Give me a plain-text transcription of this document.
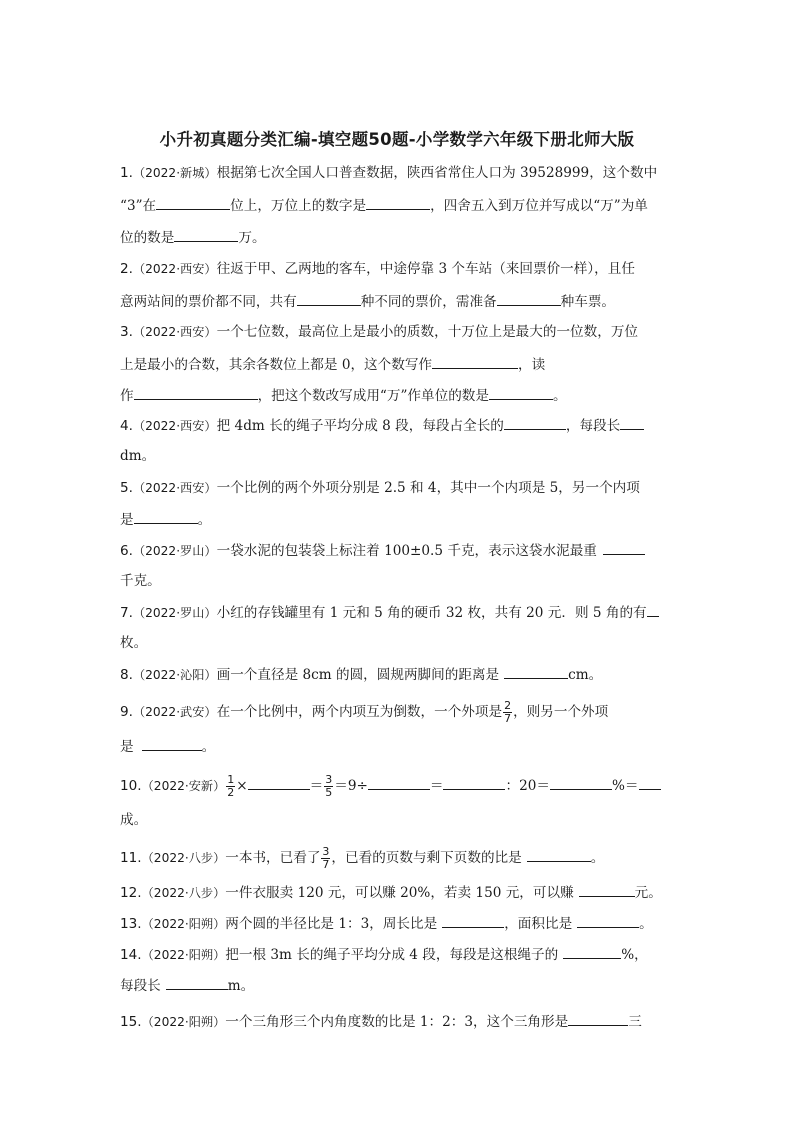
小升初真题分类汇编-填空题50题-小学数学六年级下册北师大版
1.（2022·新城）根据第七次全国人口普查数据，陕西省常住人口为 39528999，这个数中
“3”在	位上，万位上的数字是	，四舍五入到万位并写成以“万”为单
位的数是	万。
2.（2022·西安）往返于甲、乙两地的客车，中途停靠 3 个车站（来回票价一样），且任
意两站间的票价都不同，共有	种不同的票价，需准备	种车票。
3.（2022·西安）一个七位数，最高位上是最小的质数，十万位上是最大的一位数，万位
上是最小的合数，其余各数位上都是 0，这个数写作	，读
作	，把这个数改写成用“万”作单位的数是	。
4.（2022·西安）把 4dm 长的绳子平均分成 8 段，每段占全长的	，每段长
dm。
5.（2022·西安）一个比例的两个外项分别是 2.5 和 4，其中一个内项是 5，另一个内项
是	。
6.（2022·罗山）一袋水泥的包装袋上标注着 100±0.5 千克，表示这袋水泥最重
千克。
7.（2022·罗山）小红的存钱罐里有 1 元和 5 角的硬币 32 枚，共有 20 元．则 5 角的有
枚。
8.（2022·沁阳）画一个直径是 8cm 的圆，圆规两脚间的距离是	cm。
9.（2022·武安）在一个比例中，两个内项互为倒数，一个外项是 $\frac{2}{7}$ ，则另一个外项
是	。
10.（2022·安新） $\frac{1}{2}$ ×	＝ $\frac{3}{5} =9\div$	＝	：20＝	%＝
成。
11.（2022·八步）一本书，已看了 $\frac{3}{7}$ ，已看的页数与剩下页数的比是	。
12.（2022·八步）一件衣服卖 120 元，可以赚 20%，若卖 150 元，可以赚	元。
13.（2022·阳朔）两个圆的半径比是 1：3，周长比是	，面积比是	。
14.（2022·阳朔）把一根 3m 长的绳子平均分成 4 段，每段是这根绳子的	%，
每段长	m。
15.（2022·阳朔）一个三角形三个内角度数的比是 1：2：3，这个三角形是	三
